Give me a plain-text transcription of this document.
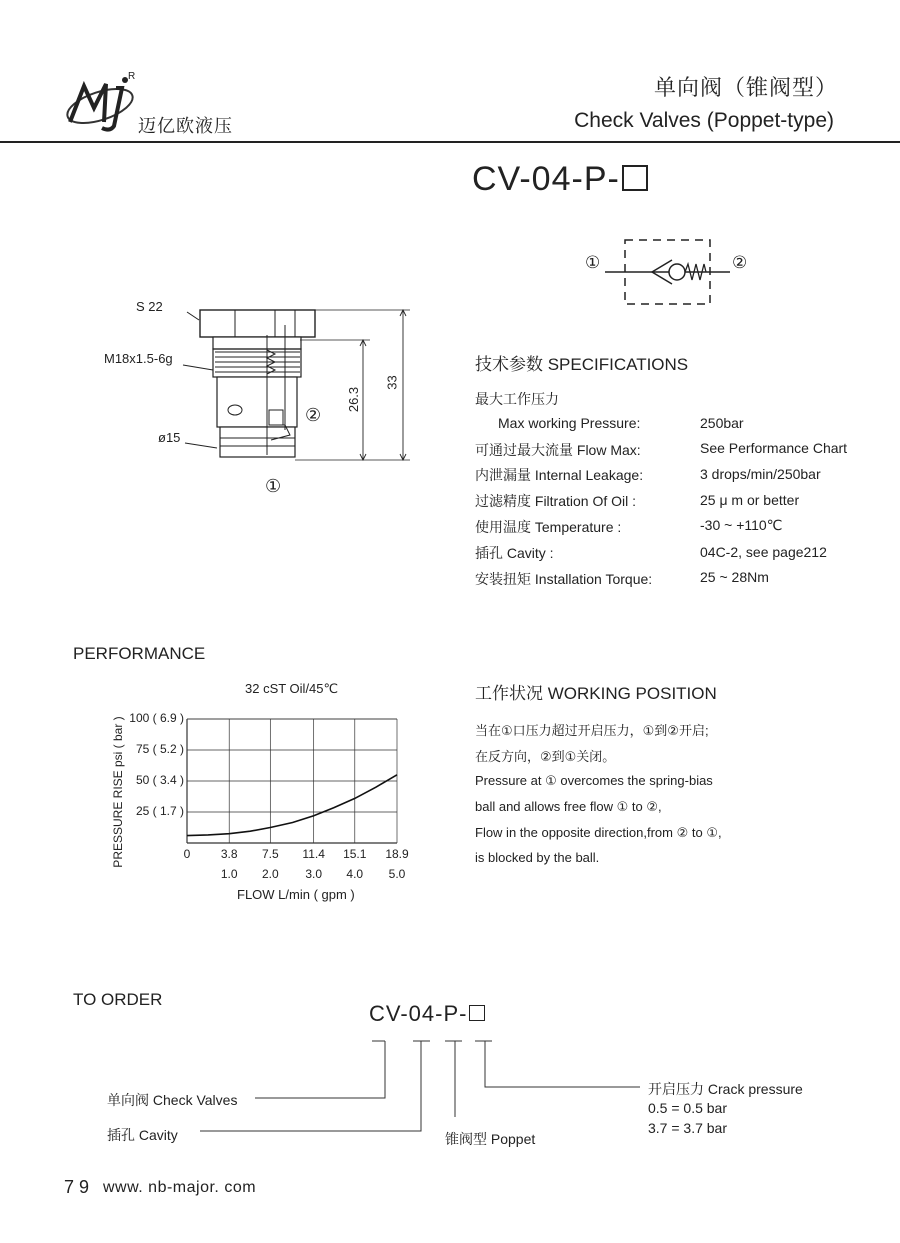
R
迈亿欧液压
单向阀（锥阀型）
Check Valves (Poppet-type)
CV-04-P-
①	②
S 22
M18x1.5-6g
ø15
②
①
26.3
33
技术参数 SPECIFICATIONS
最大工作压力
Max working Pressure:	250bar
可通过最大流量 Flow Max:	See Performance Chart
内泄漏量 Internal Leakage:	3 drops/min/250bar
过滤精度 Filtration Of Oil :	25 μ m or better
使用温度 Temperature :	-30 ~ +110℃
插孔 Cavity :	04C-2, see page212
安装扭矩 Installation Torque:	25 ~ 28Nm
PERFORMANCE
32 cST Oil/45℃
PRESSURE RISE psi ( bar )
FLOW L/min ( gpm )
25 ( 1.7 )
50 ( 3.4 )
75 ( 5.2 )
100 ( 6.9 )
0	3.8 7.5 11.4 15.1 18.9
1.0 2.0 3.0 4.0 5.0
工作状况 WORKING POSITION
当在①口压力超过开启压力，①到②开启;
在反方向，②到①关闭。
Pressure at ① overcomes the spring-bias
ball and allows free flow ① to ②,
Flow in the opposite direction,from ② to ①,
is blocked by the ball.
TO ORDER
CV-04-P-
单向阀 Check Valves
插孔 Cavity	锥阀型 Poppet
开启压力 Crack pressure
0.5 = 0.5 bar
3.7 = 3.7 bar
7 9 www. nb-major. com
